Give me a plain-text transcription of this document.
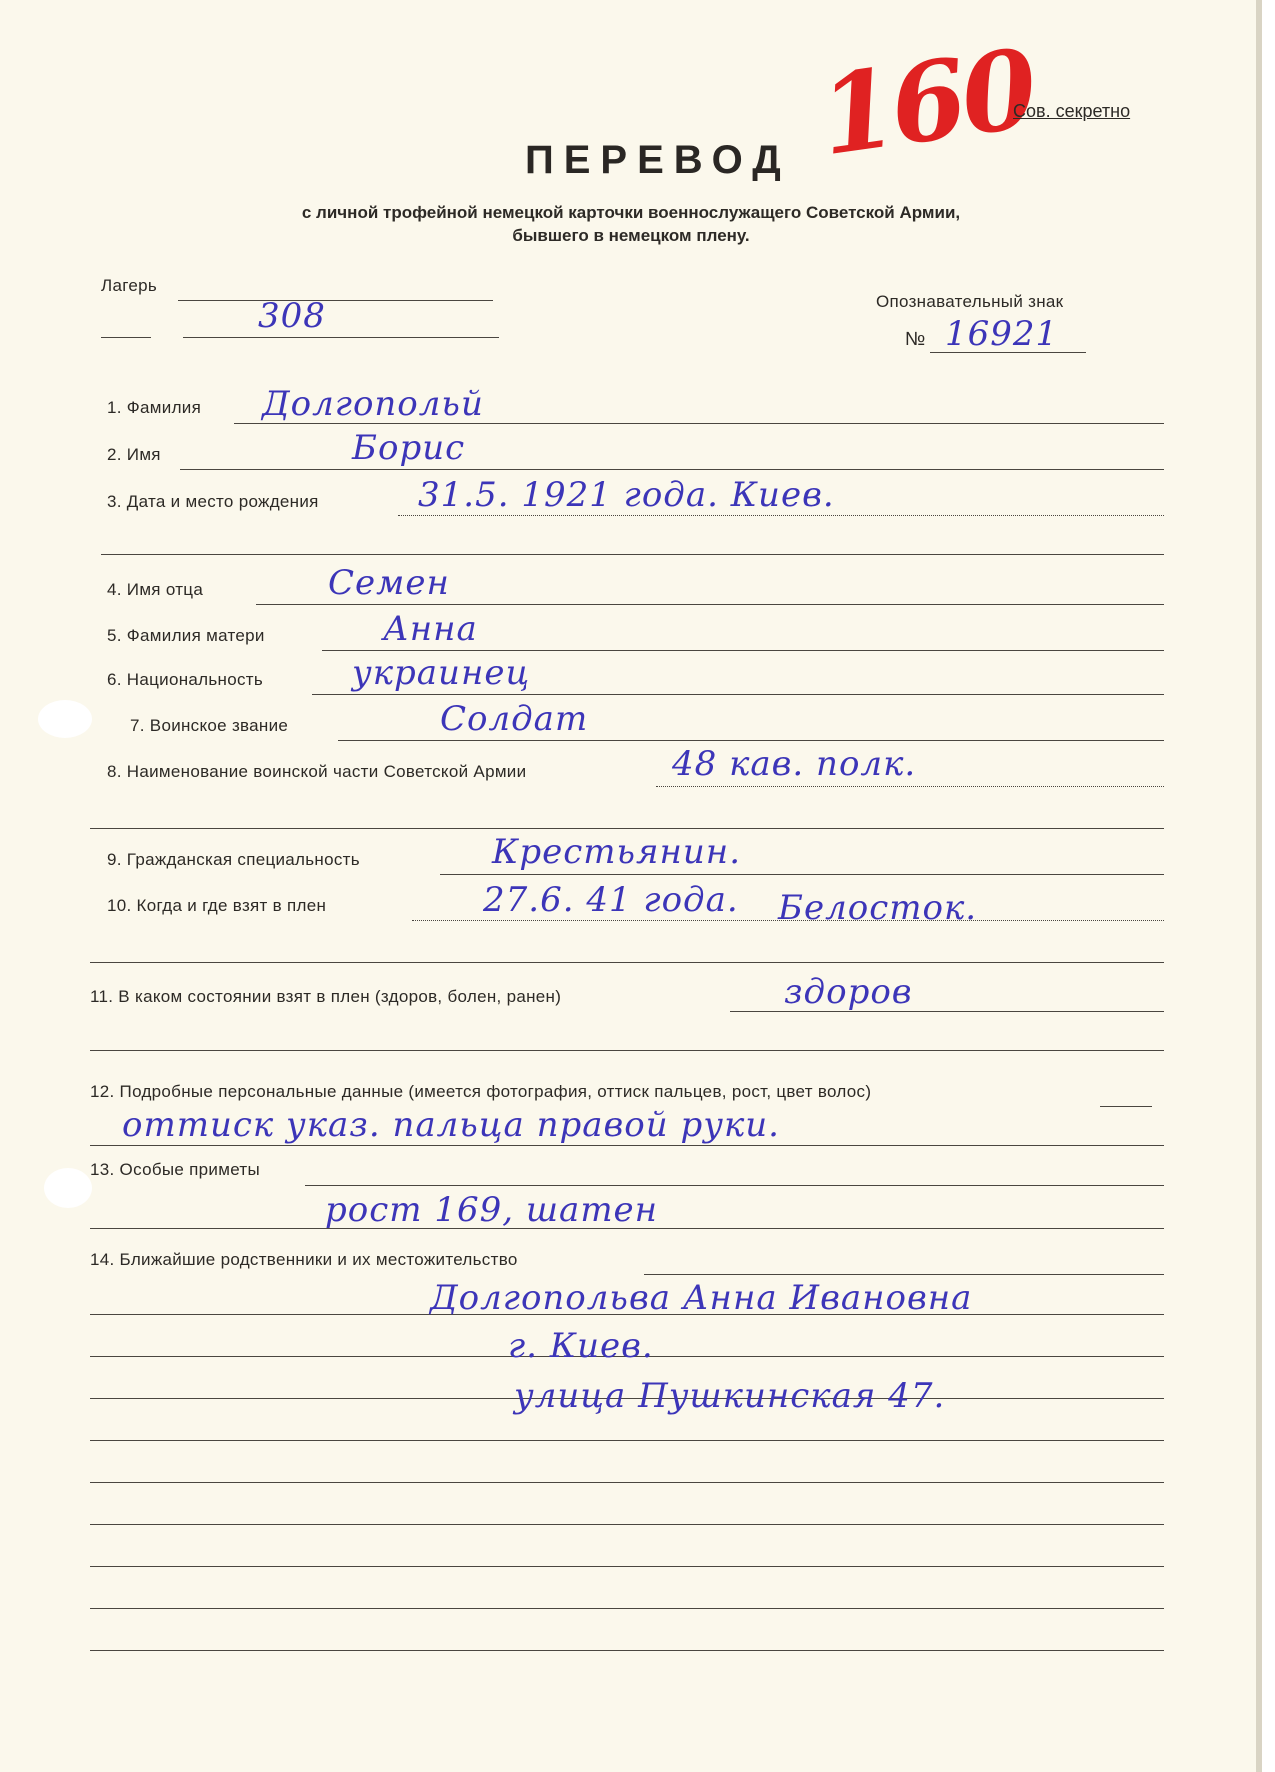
160
Сов. секретно
ПЕРЕВОД
с личной трофейной немецкой карточки военнослужащего Советской Армии,
бывшего в немецком плену.
Лагерь
308	Опознавательный знак
№ 16921
1. Фамилия Долгопольй
2. Имя	Борис
3. Дата и место рождения	31.5. 1921 года. Киев.
4. Имя отца	Семен
5. Фамилия матери	Анна
6. Национальность	украинец
7. Воинское звание	Солдат
8. Наименование воинской части Советской Армии	48 кав. полк.
9. Гражданская специальность	Крестьянин.
10. Когда и где взят в плен	27.6. 41 года. Белосток.
11. В каком состоянии взят в плен (здоров, болен, ранен)	здоров
12. Подробные персональные данные (имеется фотография, оттиск пальцев, рост, цвет волос)
оттиск указ. пальца правой руки.
13. Особые приметы
рост 169, шатен
14. Ближайшие родственники и их местожительство
Долгопольва Анна Ивановна
г. Киев.
улица Пушкинская 47.
